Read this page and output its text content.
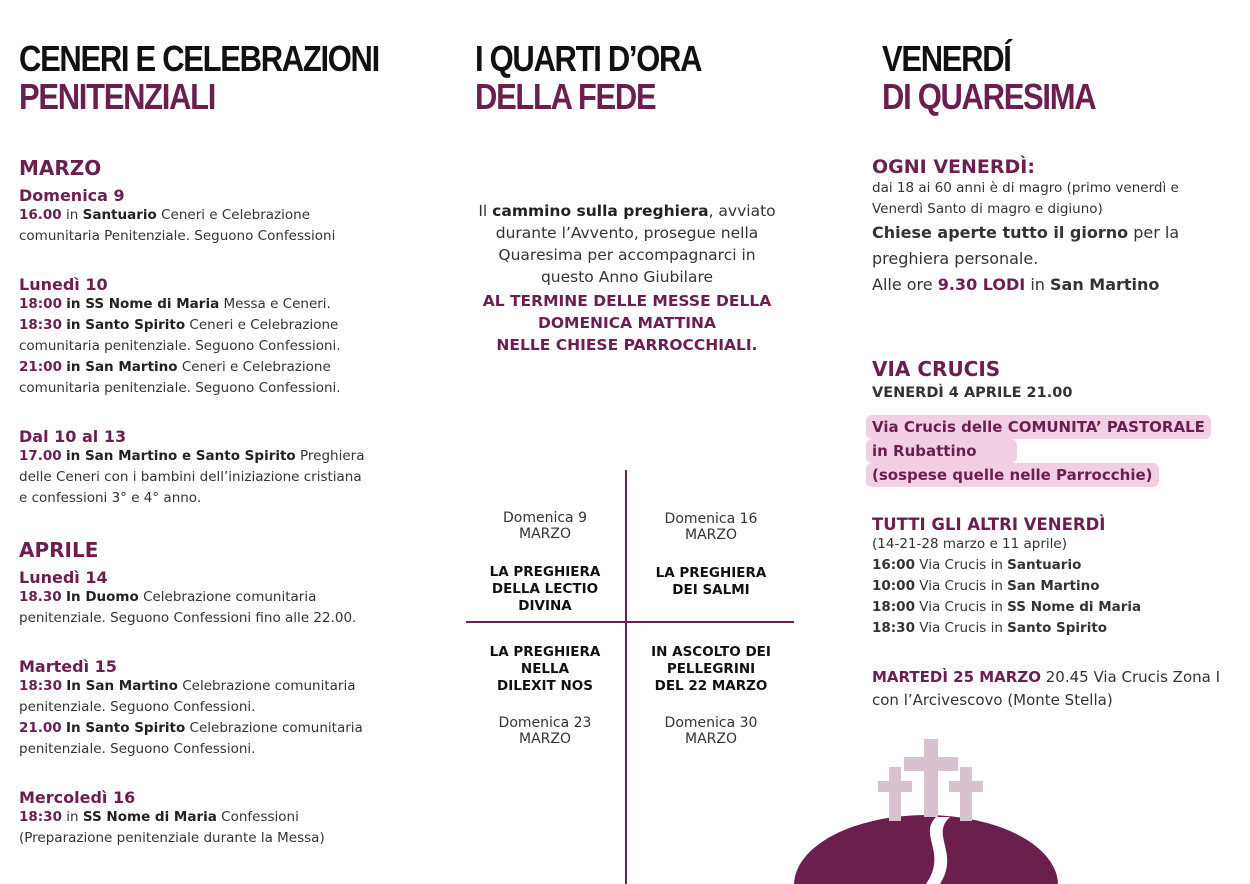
CENERI E CELEBRAZIONI
PENITENZIALI

MARZO

Domenica 9

16.00 in Santuario Ceneri e Celebrazione

comunitaria Penitenziale. Seguono Confessioni

Lunedì 10

18:00 in SS Nome di Maria Messa e Ceneri.

18:30 in Santo Spirito Ceneri e Celebrazione

comunitaria penitenziale. Seguono Confessioni.

21:00 in San Martino Ceneri e Celebrazione

comunitaria penitenziale. Seguono Confessioni.

Dal 10 al 13

17.00 in San Martino e Santo Spirito Preghiera

delle Ceneri con i bambini dell’iniziazione cristiana

e confessioni 3° e 4° anno.

APRILE

Lunedì 14

18.30 In Duomo Celebrazione comunitaria

penitenziale. Seguono Confessioni fino alle 22.00.

Martedì 15

18:30 In San Martino Celebrazione comunitaria

penitenziale. Seguono Confessioni.

21.00 In Santo Spirito Celebrazione comunitaria

penitenziale. Seguono Confessioni.

Mercoledì 16

18:30 in SS Nome di Maria Confessioni

(Preparazione penitenziale durante la Messa)

I QUARTI D’ORA
DELLA FEDE
Il cammino sulla preghiera, avviato
durante l’Avvento, prosegue nella
Quaresima per accompagnarci in
questo Anno Giubilare
AL TERMINE DELLE MESSE DELLA
DOMENICA MATTINA
NELLE CHIESE PARROCCHIALI.
Domenica 9
MARZO
LA PREGHIERA
DELLA LECTIO
DIVINA
Domenica 16
MARZO
LA PREGHIERA
DEI SALMI
LA PREGHIERA
NELLA
DILEXIT NOS
Domenica 23
MARZO
IN ASCOLTO DEI
PELLEGRINI
DEL 22 MARZO
Domenica 30
MARZO
VENERDÍ
DI QUARESIMA

OGNI VENERDÌ:

dai 18 ai 60 anni è di magro (primo venerdì e
Venerdì Santo di magro e digiuno)
Chiese aperte tutto il giorno per la
preghiera personale.
Alle ore 9.30 LODI in San Martino

VIA CRUCIS

VENERDÌ 4 APRILE 21.00
Via Crucis delle COMUNITA’ PASTORALE
in Rubattino
(sospese quelle nelle Parrocchie)

TUTTI GLI ALTRI VENERDÌ

(14-21-28 marzo e 11 aprile)
16:00 Via Crucis in Santuario
10:00 Via Crucis in San Martino
18:00 Via Crucis in SS Nome di Maria
18:30 Via Crucis in Santo Spirito
MARTEDÌ 25 MARZO 20.45 Via Crucis Zona I
con l’Arcivescovo (Monte Stella)
